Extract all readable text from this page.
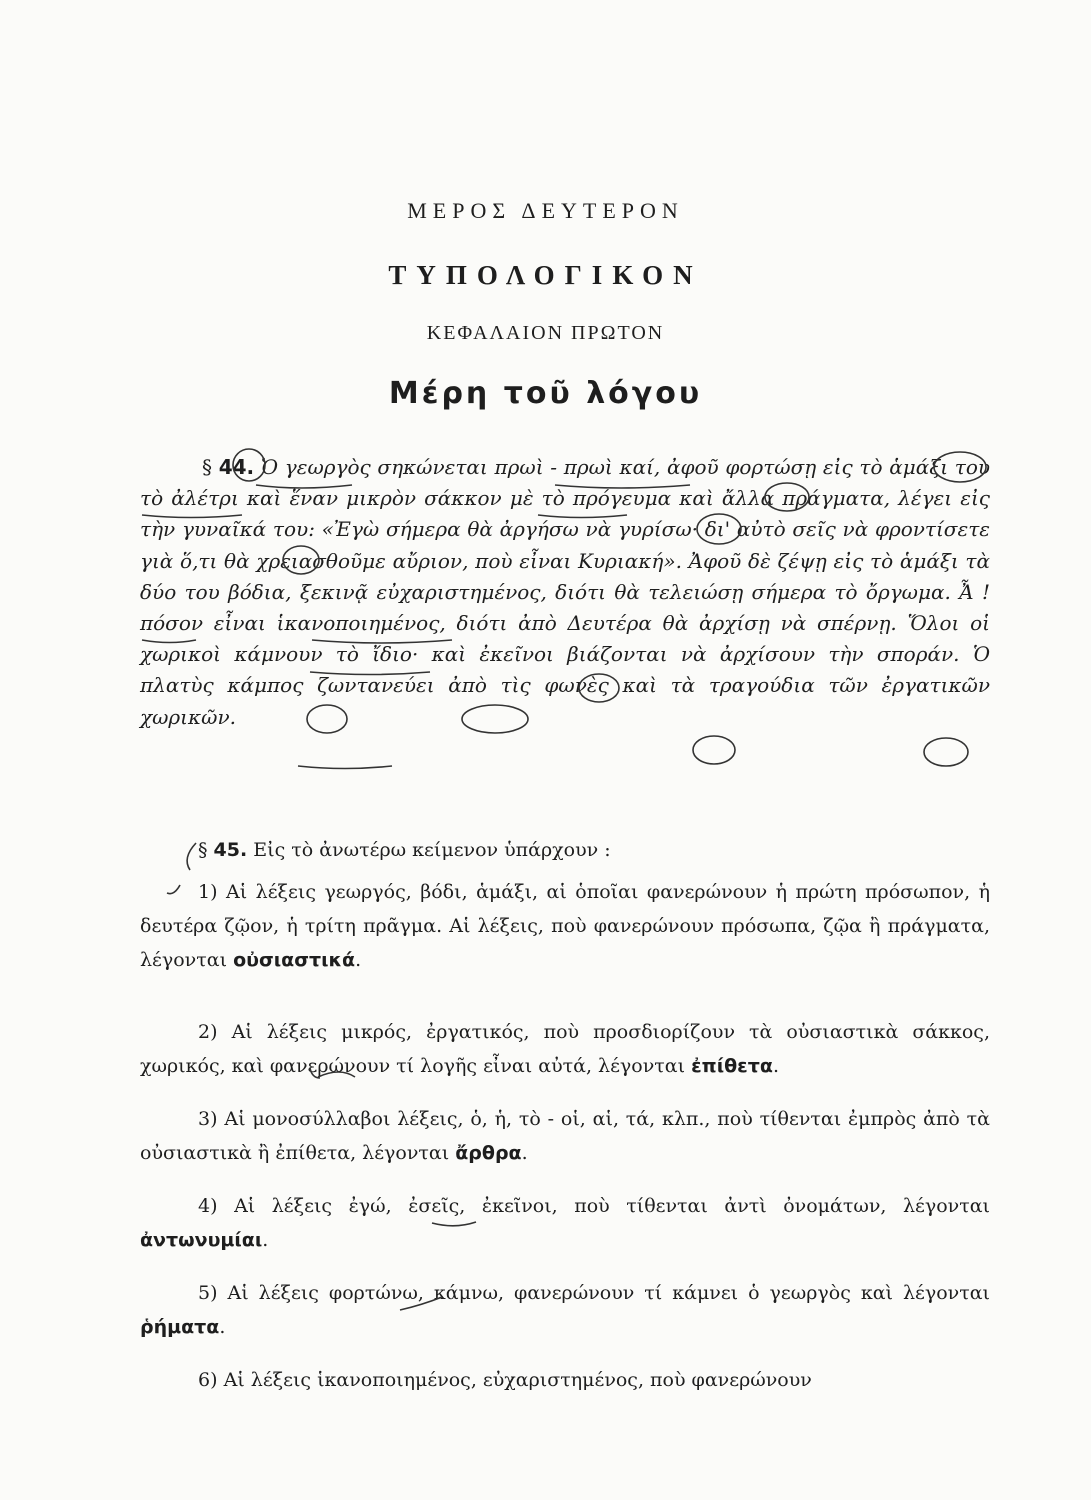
ΜΕΡΟΣ ΔΕΥΤΕΡΟΝ
ΤΥΠΟΛΟΓΙΚΟΝ
ΚΕΦΑΛΑΙΟΝ ΠΡΩΤΟΝ
Μέρη τοῦ λόγου

§ 44. Ὁ γεωργὸς σηκώνεται πρωὶ - πρωὶ καί, ἀφοῦ φορτώσῃ εἰς τὸ ἁμάξι του τὸ ἀλέτρι καὶ ἕναν μικρὸν σάκκον μὲ τὸ πρόγευμα καὶ ἄλλα πράγματα, λέγει εἰς τὴν γυναῖκά του: «Ἐγὼ σήμερα θὰ ἀργήσω νὰ γυρίσω· δι' αὐτὸ σεῖς νὰ φροντίσετε γιὰ ὅ,τι θὰ χρειασθοῦμε αὔριον, ποὺ εἶναι Κυριακή». Ἀφοῦ δὲ ζέψῃ εἰς τὸ ἁμάξι τὰ δύο του βόδια, ξεκινᾷ εὐχαριστημένος, διότι θὰ τελειώσῃ σήμερα τὸ ὄργωμα. Ἆ ! πόσον εἶναι ἱκανοποιημένος, διότι ἀπὸ Δευτέρα θὰ ἀρχίσῃ νὰ σπέρνῃ. Ὅλοι οἱ χωρικοὶ κάμνουν τὸ ἴδιο· καὶ ἐκεῖνοι βιάζονται νὰ ἀρχίσουν τὴν σποράν. Ὁ πλατὺς κάμπος ζωντανεύει ἀπὸ τὶς φωνὲς καὶ τὰ τραγούδια τῶν ἐργατικῶν χωρικῶν.

§ 45. Εἰς τὸ ἀνωτέρω κείμενον ὑπάρχουν :

1) Αἱ λέξεις γεωργός, βόδι, ἁμάξι, αἱ ὁποῖαι φανερώνουν ἡ πρώτη πρόσωπον, ἡ δευτέρα ζῷον, ἡ τρίτη πρᾶγμα. Αἱ λέξεις, ποὺ φανερώνουν πρόσωπα, ζῷα ἢ πράγματα, λέγονται οὐσιαστικά.

2) Αἱ λέξεις μικρός, ἐργατικός, ποὺ προσδιορίζουν τὰ οὐσιαστικὰ σάκκος, χωρικός, καὶ φανερώνουν τί λογῆς εἶναι αὐτά, λέγονται ἐπίθετα.

3) Αἱ μονοσύλλαβοι λέξεις, ὁ, ἡ, τὸ - οἱ, αἱ, τά, κλπ., ποὺ τίθενται ἐμπρὸς ἀπὸ τὰ οὐσιαστικὰ ἢ ἐπίθετα, λέγονται ἄρθρα.

4) Αἱ λέξεις ἐγώ, ἐσεῖς, ἐκεῖνοι, ποὺ τίθενται ἀντὶ ὀνομάτων, λέγονται ἀντωνυμίαι.

5) Αἱ λέξεις φορτώνω, κάμνω, φανερώνουν τί κάμνει ὁ γεωργὸς καὶ λέγονται ῥήματα.

6) Αἱ λέξεις ἱκανοποιημένος, εὐχαριστημένος, ποὺ φανερώνουν
